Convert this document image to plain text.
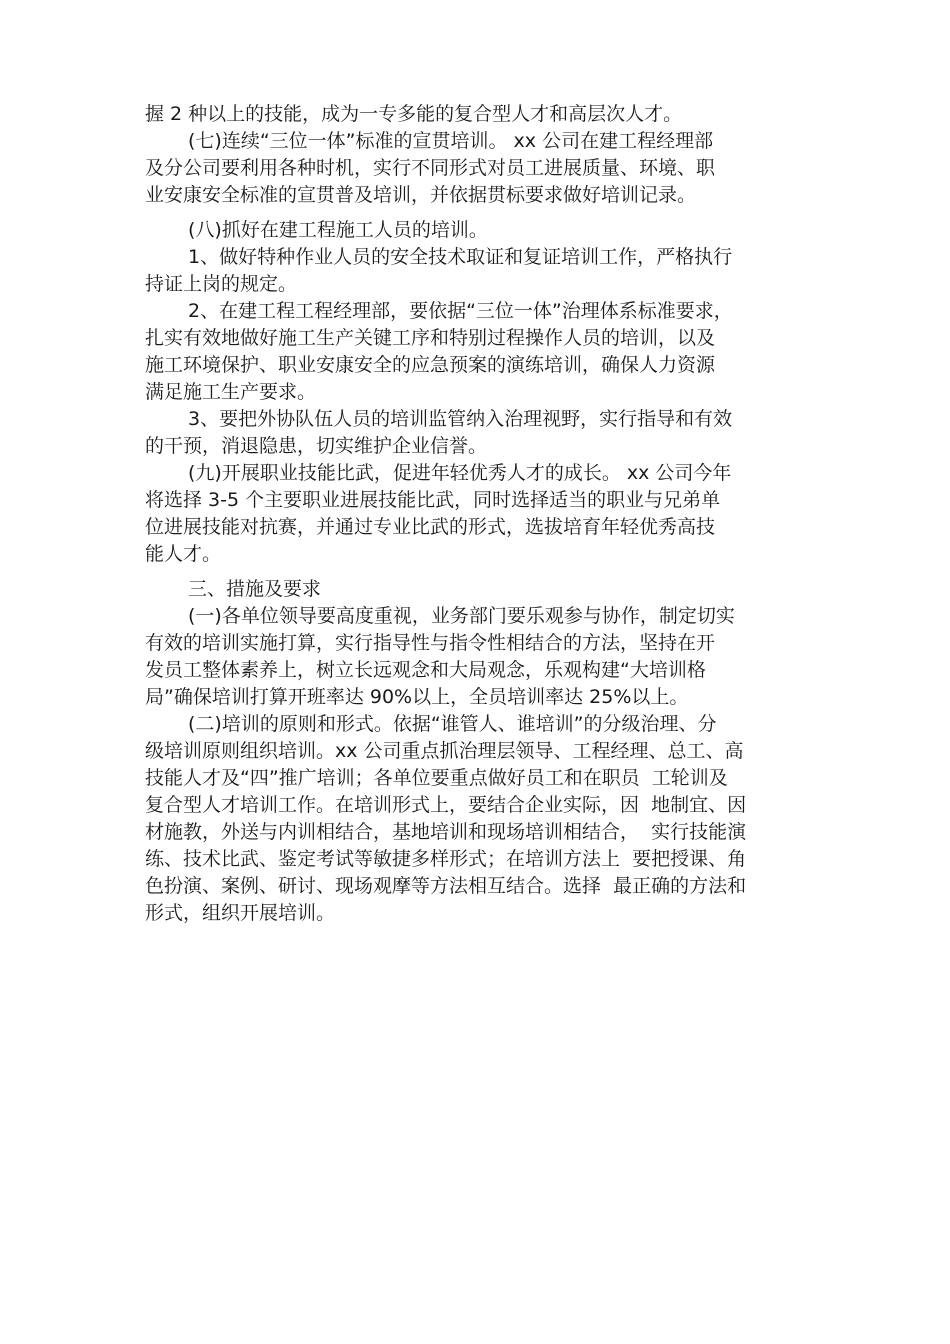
握 2 种以上的技能，成为一专多能的复合型人才和高层次人才。
(七)连续“三位一体”标准的宣贯培训。 xx 公司在建工程经理部
及分公司要利用各种时机，实行不同形式对员工进展质量、环境、职
业安康安全标准的宣贯普及培训，并依据贯标要求做好培训记录。
(八)抓好在建工程施工人员的培训。
1、做好特种作业人员的安全技术取证和复证培训工作，严格执行
持证上岗的规定。
2、在建工程工程经理部，要依据“三位一体”治理体系标准要求，
扎实有效地做好施工生产关键工序和特别过程操作人员的培训，以及
施工环境保护、职业安康安全的应急预案的演练培训，确保人力资源
满足施工生产要求。
3、要把外协队伍人员的培训监管纳入治理视野，实行指导和有效
的干预，消退隐患，切实维护企业信誉。
(九)开展职业技能比武，促进年轻优秀人才的成长。 xx 公司今年
将选择 3-5 个主要职业进展技能比武，同时选择适当的职业与兄弟单
位进展技能对抗赛，并通过专业比武的形式，选拔培育年轻优秀高技
能人才。
三、措施及要求
(一)各单位领导要高度重视，业务部门要乐观参与协作，制定切实
有效的培训实施打算，实行指导性与指令性相结合的方法，坚持在开
发员工整体素养上，树立长远观念和大局观念，乐观构建“大培训格
局”确保培训打算开班率达 90%以上，全员培训率达 25%以上。
(二)培训的原则和形式。依据“谁管人、谁培训”的分级治理、分
级培训原则组织培训。xx 公司重点抓治理层领导、工程经理、总工、高
技能人才及“四”推广培训；各单位要重点做好员工和在职员  工轮训及
复合型人才培训工作。在培训形式上，要结合企业实际，因  地制宜、因
材施教，外送与内训相结合，基地培训和现场培训相结合，  实行技能演
练、技术比武、鉴定考试等敏捷多样形式；在培训方法上  要把授课、角
色扮演、案例、研讨、现场观摩等方法相互结合。选择  最正确的方法和
形式，组织开展培训。
